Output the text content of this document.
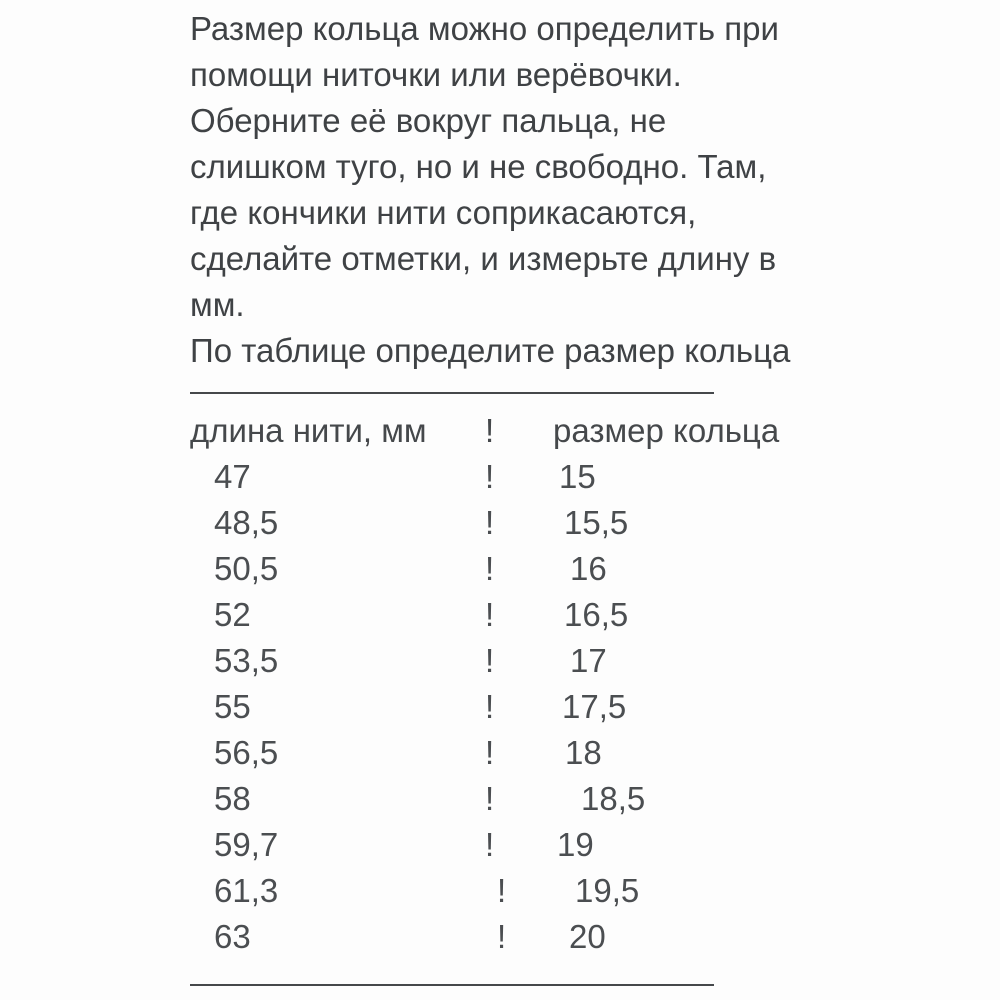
Размер кольца можно определить при
помощи ниточки или верёвочки.
Оберните её вокруг пальца, не
слишком туго, но и не свободно. Там,
где кончики нити соприкасаются,
сделайте отметки, и измерьте длину в
мм.
По таблице определите размер кольца

——————————————————
длина нити, мм	!	размер кольца
47	!	15
48,5	!	15,5
50,5	!	16
52	!	16,5
53,5	!	17
55	!	17,5
56,5	!	18
58	!	18,5
59,7	!	19
61,3	!	19,5
63	!	20
——————————————————
